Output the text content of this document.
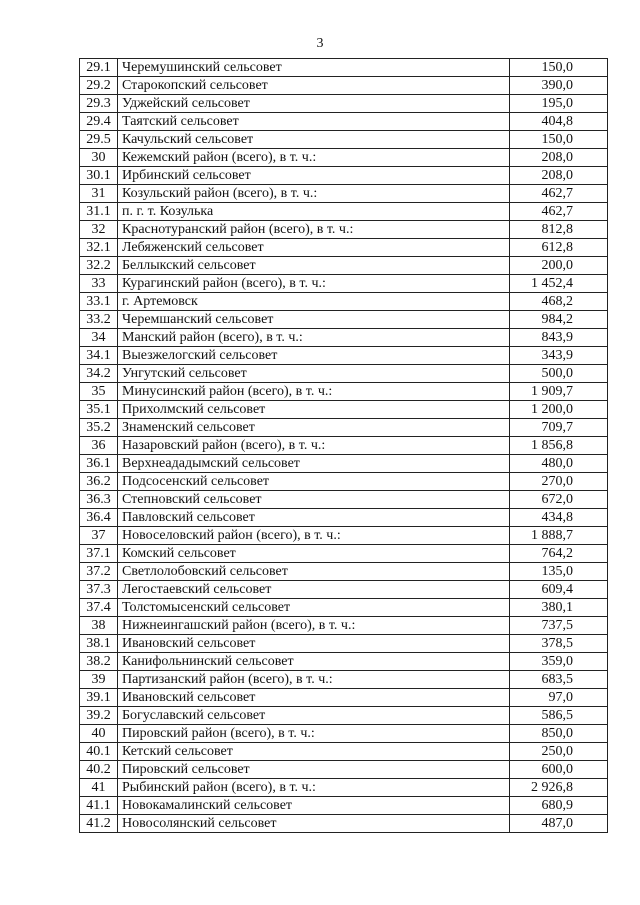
3
29.1	Черемушинский сельсовет	150,0
29.2	Старокопский сельсовет	390,0
29.3	Уджейский сельсовет	195,0
29.4	Таятский сельсовет	404,8
29.5	Качульский сельсовет	150,0
30	Кежемский район (всего), в т. ч.:	208,0
30.1	Ирбинский сельсовет	208,0
31	Козульский район (всего), в т. ч.:	462,7
31.1	п. г. т. Козулька	462,7
32	Краснотуранский район (всего), в т. ч.:	812,8
32.1	Лебяженский сельсовет	612,8
32.2	Беллыкский сельсовет	200,0
33	Курагинский район (всего), в т. ч.:	1 452,4
33.1	г. Артемовск	468,2
33.2	Черемшанский сельсовет	984,2
34	Манский район (всего), в т. ч.:	843,9
34.1	Выезжелогский сельсовет	343,9
34.2	Унгутский сельсовет	500,0
35	Минусинский район (всего), в т. ч.:	1 909,7
35.1	Прихолмский сельсовет	1 200,0
35.2	Знаменский сельсовет	709,7
36	Назаровский район (всего), в т. ч.:	1 856,8
36.1	Верхнеададымский сельсовет	480,0
36.2	Подсосенский сельсовет	270,0
36.3	Степновский сельсовет	672,0
36.4	Павловский сельсовет	434,8
37	Новоселовский район (всего), в т. ч.:	1 888,7
37.1	Комский сельсовет	764,2
37.2	Светлолобовский сельсовет	135,0
37.3	Легостаевский сельсовет	609,4
37.4	Толстомысенский сельсовет	380,1
38	Нижнеингашский район (всего), в т. ч.:	737,5
38.1	Ивановский сельсовет	378,5
38.2	Канифольнинский сельсовет	359,0
39	Партизанский район (всего), в т. ч.:	683,5
39.1	Ивановский сельсовет	97,0
39.2	Богуславский сельсовет	586,5
40	Пировский район (всего), в т. ч.:	850,0
40.1	Кетский сельсовет	250,0
40.2	Пировский сельсовет	600,0
41	Рыбинский район (всего), в т. ч.:	2 926,8
41.1	Новокамалинский сельсовет	680,9
41.2	Новосолянский сельсовет	487,0
